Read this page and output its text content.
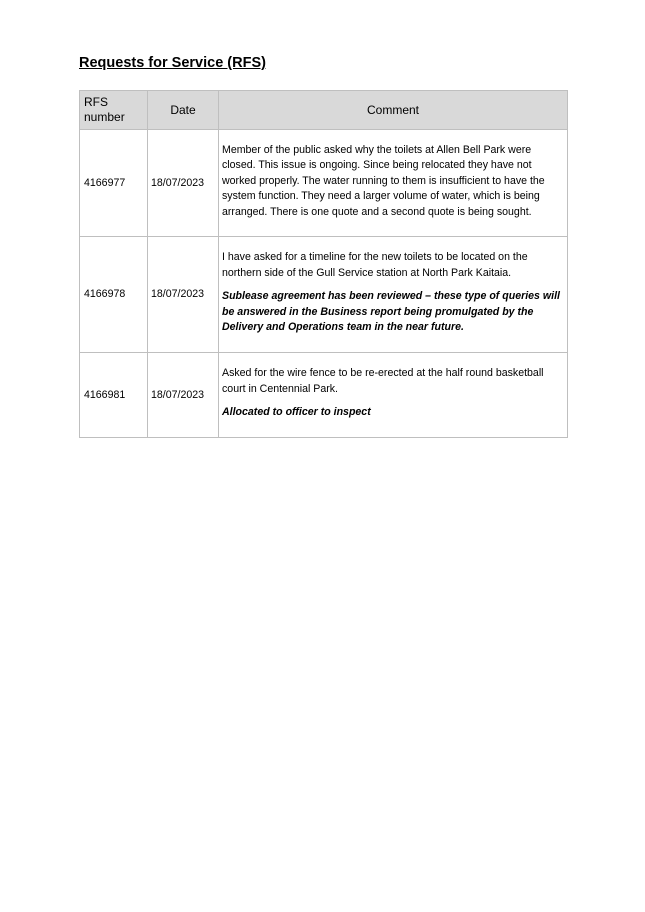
Requests for Service (RFS)
RFS number	Date	Comment
4166977	18/07/2023	Member of the public asked why the toilets at Allen Bell Park were closed. This issue is ongoing. Since being relocated they have not worked properly. The water running to them is insufficient to have the system function. They need a larger volume of water, which is being arranged. There is one quote and a second quote is being sought.

4166978	18/07/2023	I have asked for a timeline for the new toilets to be located on the northern side of the Gull Service station at North Park Kaitaia.

Sublease agreement has been reviewed – these type of queries will be answered in the Business report being promulgated by the Delivery and Operations team in the near future.

4166981	18/07/2023	Asked for the wire fence to be re-erected at the half round basketball court in Centennial Park.

Allocated to officer to inspect
